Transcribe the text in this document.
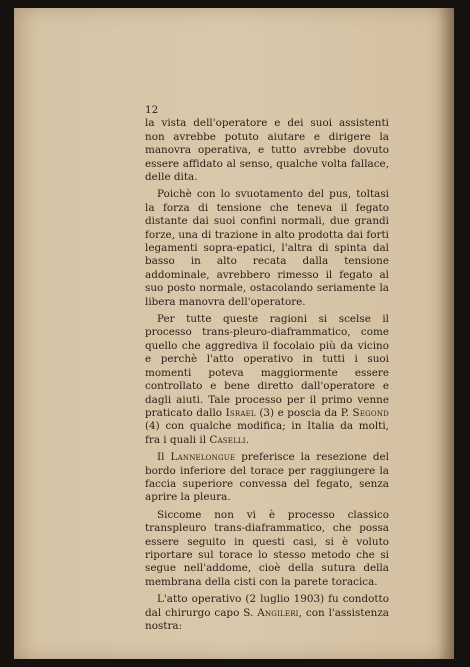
12

la vista dell'operatore e dei suoi assistenti non avrebbe potuto aiutare e dirigere la manovra operativa, e tutto avrebbe dovuto essere affidato al senso, qualche volta fallace, delle dita.

Poichè con lo svuotamento del pus, toltasi la forza di tensione che teneva il fegato distante dai suoi confini normali, due grandi forze, una di trazione in alto prodotta dai forti legamenti sopra-epatici, l'altra di spinta dal basso in alto recata dalla tensione addominale, avrebbero rimesso il fegato al suo posto normale, ostacolando seriamente la libera manovra dell'operatore.

Per tutte queste ragioni si scelse il processo trans-pleuro-diaframmatico, come quello che aggrediva il focolaio più da vicino e perchè l'atto operativo in tutti i suoi momenti poteva maggiormente essere controllato e bene diretto dall'operatore e dagli aiuti. Tale processo per il primo venne praticato dallo Israel (3) e poscia da P. Segond (4) con qualche modifica; in Italia da molti, fra i quali il Caselli.

Il Lannelongue preferisce la resezione del bordo inferiore del torace per raggiungere la faccia superiore convessa del fegato, senza aprire la pleura.

Siccome non vi è processo classico transpleuro trans-diaframmatico, che possa essere seguito in questi casi, si è voluto riportare sul torace lo stesso metodo che si segue nell'addome, cioè della sutura della membrana della cisti con la parete toracica.

L'atto operativo (2 luglio 1903) fu condotto dal chirurgo capo S. Angileri, con l'assistenza nostra:
